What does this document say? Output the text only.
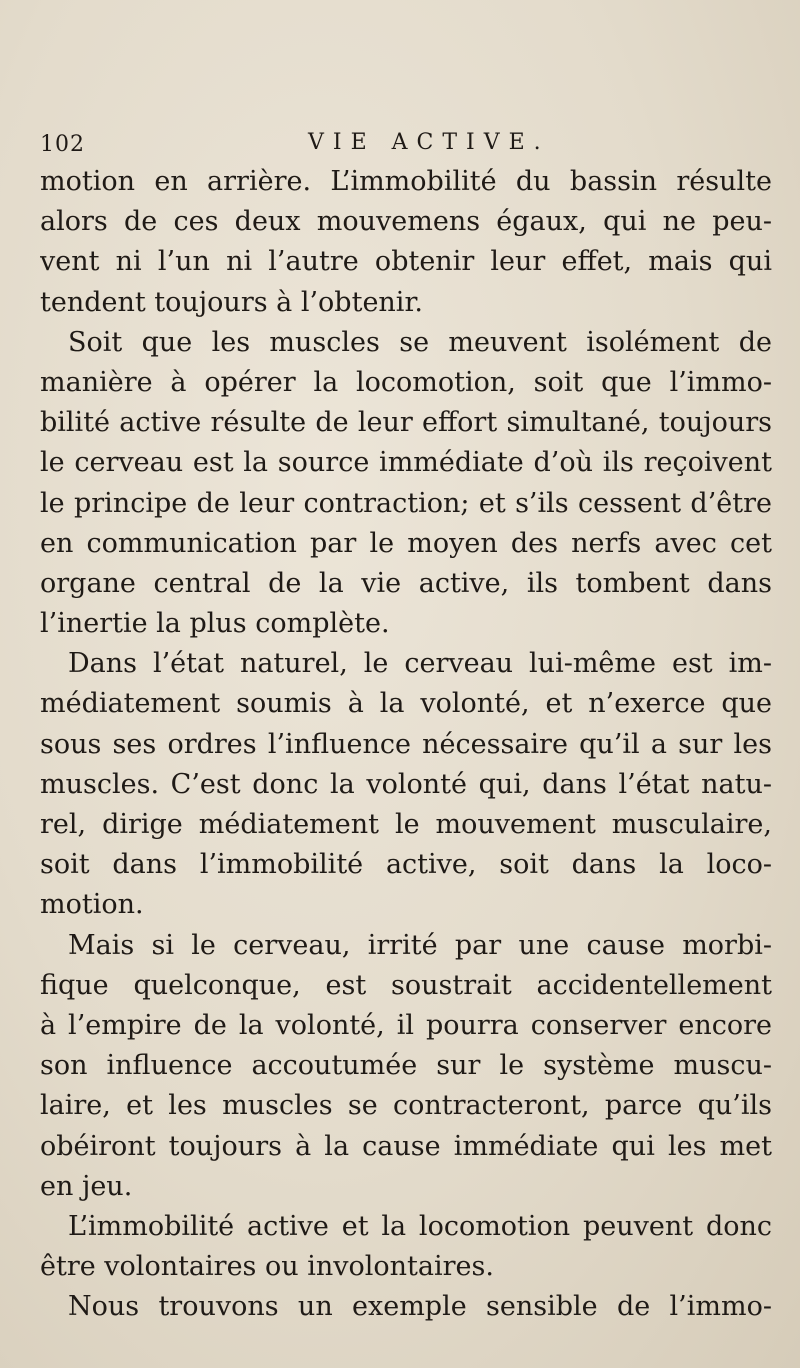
102	VIE ACTIVE.
motion en arrière. L’immobilité du bassin résulte
alors de ces deux mouvemens égaux, qui ne peu-
vent ni l’un ni l’autre obtenir leur effet, mais qui
tendent toujours à l’obtenir.
Soit que les muscles se meuvent isolément de
manière à opérer la locomotion, soit que l’immo-
bilité active résulte de leur effort simultané, toujours
le cerveau est la source immédiate d’où ils reçoivent
le principe de leur contraction; et s’ils cessent d’être
en communication par le moyen des nerfs avec cet
organe central de la vie active, ils tombent dans
l’inertie la plus complète.
Dans l’état naturel, le cerveau lui-même est im-
médiatement soumis à la volonté, et n’exerce que
sous ses ordres l’influence nécessaire qu’il a sur les
muscles. C’est donc la volonté qui, dans l’état natu-
rel, dirige médiatement le mouvement musculaire,
soit dans l’immobilité active, soit dans la loco-
motion.
Mais si le cerveau, irrité par une cause morbi-
fique quelconque, est soustrait accidentellement
à l’empire de la volonté, il pourra conserver encore
son influence accoutumée sur le système muscu-
laire, et les muscles se contracteront, parce qu’ils
obéiront toujours à la cause immédiate qui les met
en jeu.
L’immobilité active et la locomotion peuvent donc
être volontaires ou involontaires.
Nous trouvons un exemple sensible de l’immo-
